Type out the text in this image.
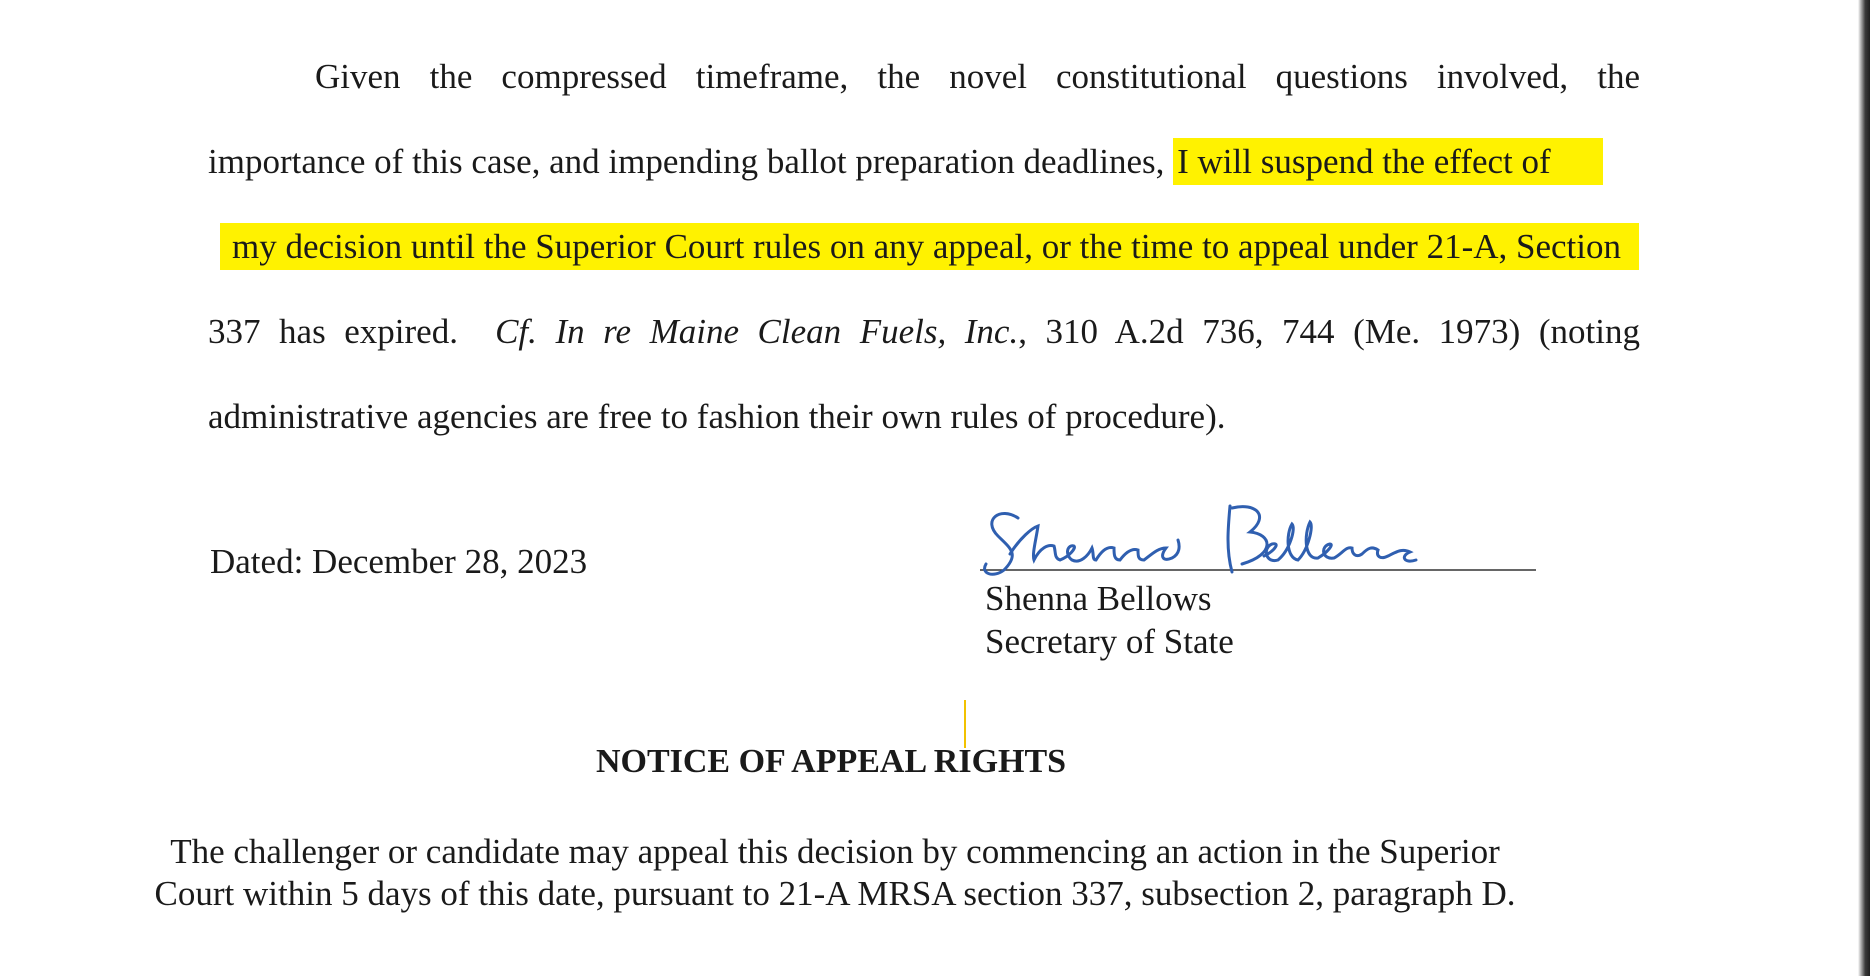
Given the compressed timeframe, the novel constitutional questions involved, the
importance of this case, and impending ballot preparation deadlines, I will suspend the effect of
my decision until the Superior Court rules on any appeal, or the time to appeal under 21-A, Section
337 has expired. Cf. In re Maine Clean Fuels, Inc., 310 A.2d 736, 744 (Me. 1973) (noting
administrative agencies are free to fashion their own rules of procedure).
Dated: December 28, 2023
Shenna Bellows
Secretary of State
NOTICE OF APPEAL RIGHTS
The challenger or candidate may appeal this decision by commencing an action in the Superior
Court within 5 days of this date, pursuant to 21-A MRSA section 337, subsection 2, paragraph D.
